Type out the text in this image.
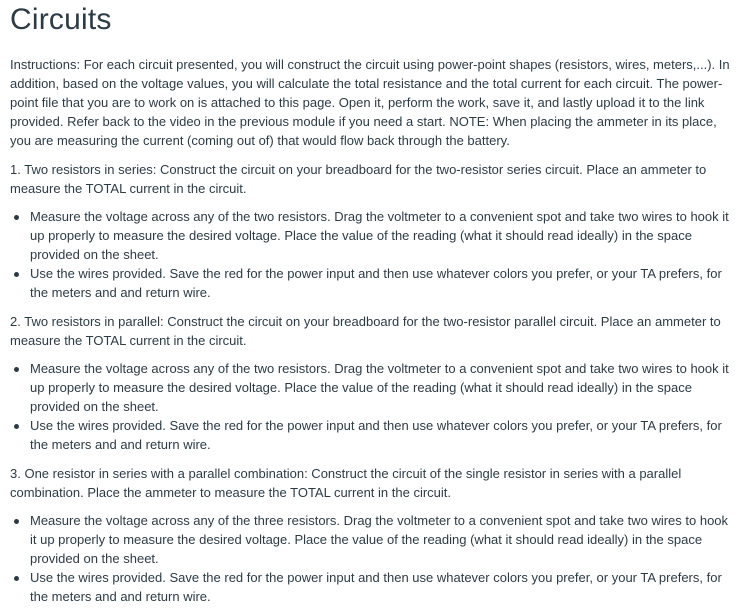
Circuits

Instructions: For each circuit presented, you will construct the circuit using power-point shapes (resistors, wires, meters,...). In addition, based on the voltage values, you will calculate the total resistance and the total current for each circuit. The power-point file that you are to work on is attached to this page. Open it, perform the work, save it, and lastly upload it to the link provided. Refer back to the video in the previous module if you need a start. NOTE: When placing the ammeter in its place, you are measuring the current (coming out of) that would flow back through the battery.

1. Two resistors in series: Construct the circuit on your breadboard for the two-resistor series circuit. Place an ammeter to measure the TOTAL current in the circuit.

Measure the voltage across any of the two resistors. Drag the voltmeter to a convenient spot and take two wires to hook it up properly to measure the desired voltage. Place the value of the reading (what it should read ideally) in the space provided on the sheet.
Use the wires provided. Save the red for the power input and then use whatever colors you prefer, or your TA prefers, for the meters and and return wire.

2. Two resistors in parallel: Construct the circuit on your breadboard for the two-resistor parallel circuit. Place an ammeter to measure the TOTAL current in the circuit.

Measure the voltage across any of the two resistors. Drag the voltmeter to a convenient spot and take two wires to hook it up properly to measure the desired voltage. Place the value of the reading (what it should read ideally) in the space provided on the sheet.
Use the wires provided. Save the red for the power input and then use whatever colors you prefer, or your TA prefers, for the meters and and return wire.

3. One resistor in series with a parallel combination: Construct the circuit of the single resistor in series with a parallel combination. Place the ammeter to measure the TOTAL current in the circuit.

Measure the voltage across any of the three resistors. Drag the voltmeter to a convenient spot and take two wires to hook it up properly to measure the desired voltage. Place the value of the reading (what it should read ideally) in the space provided on the sheet.
Use the wires provided. Save the red for the power input and then use whatever colors you prefer, or your TA prefers, for the meters and and return wire.
